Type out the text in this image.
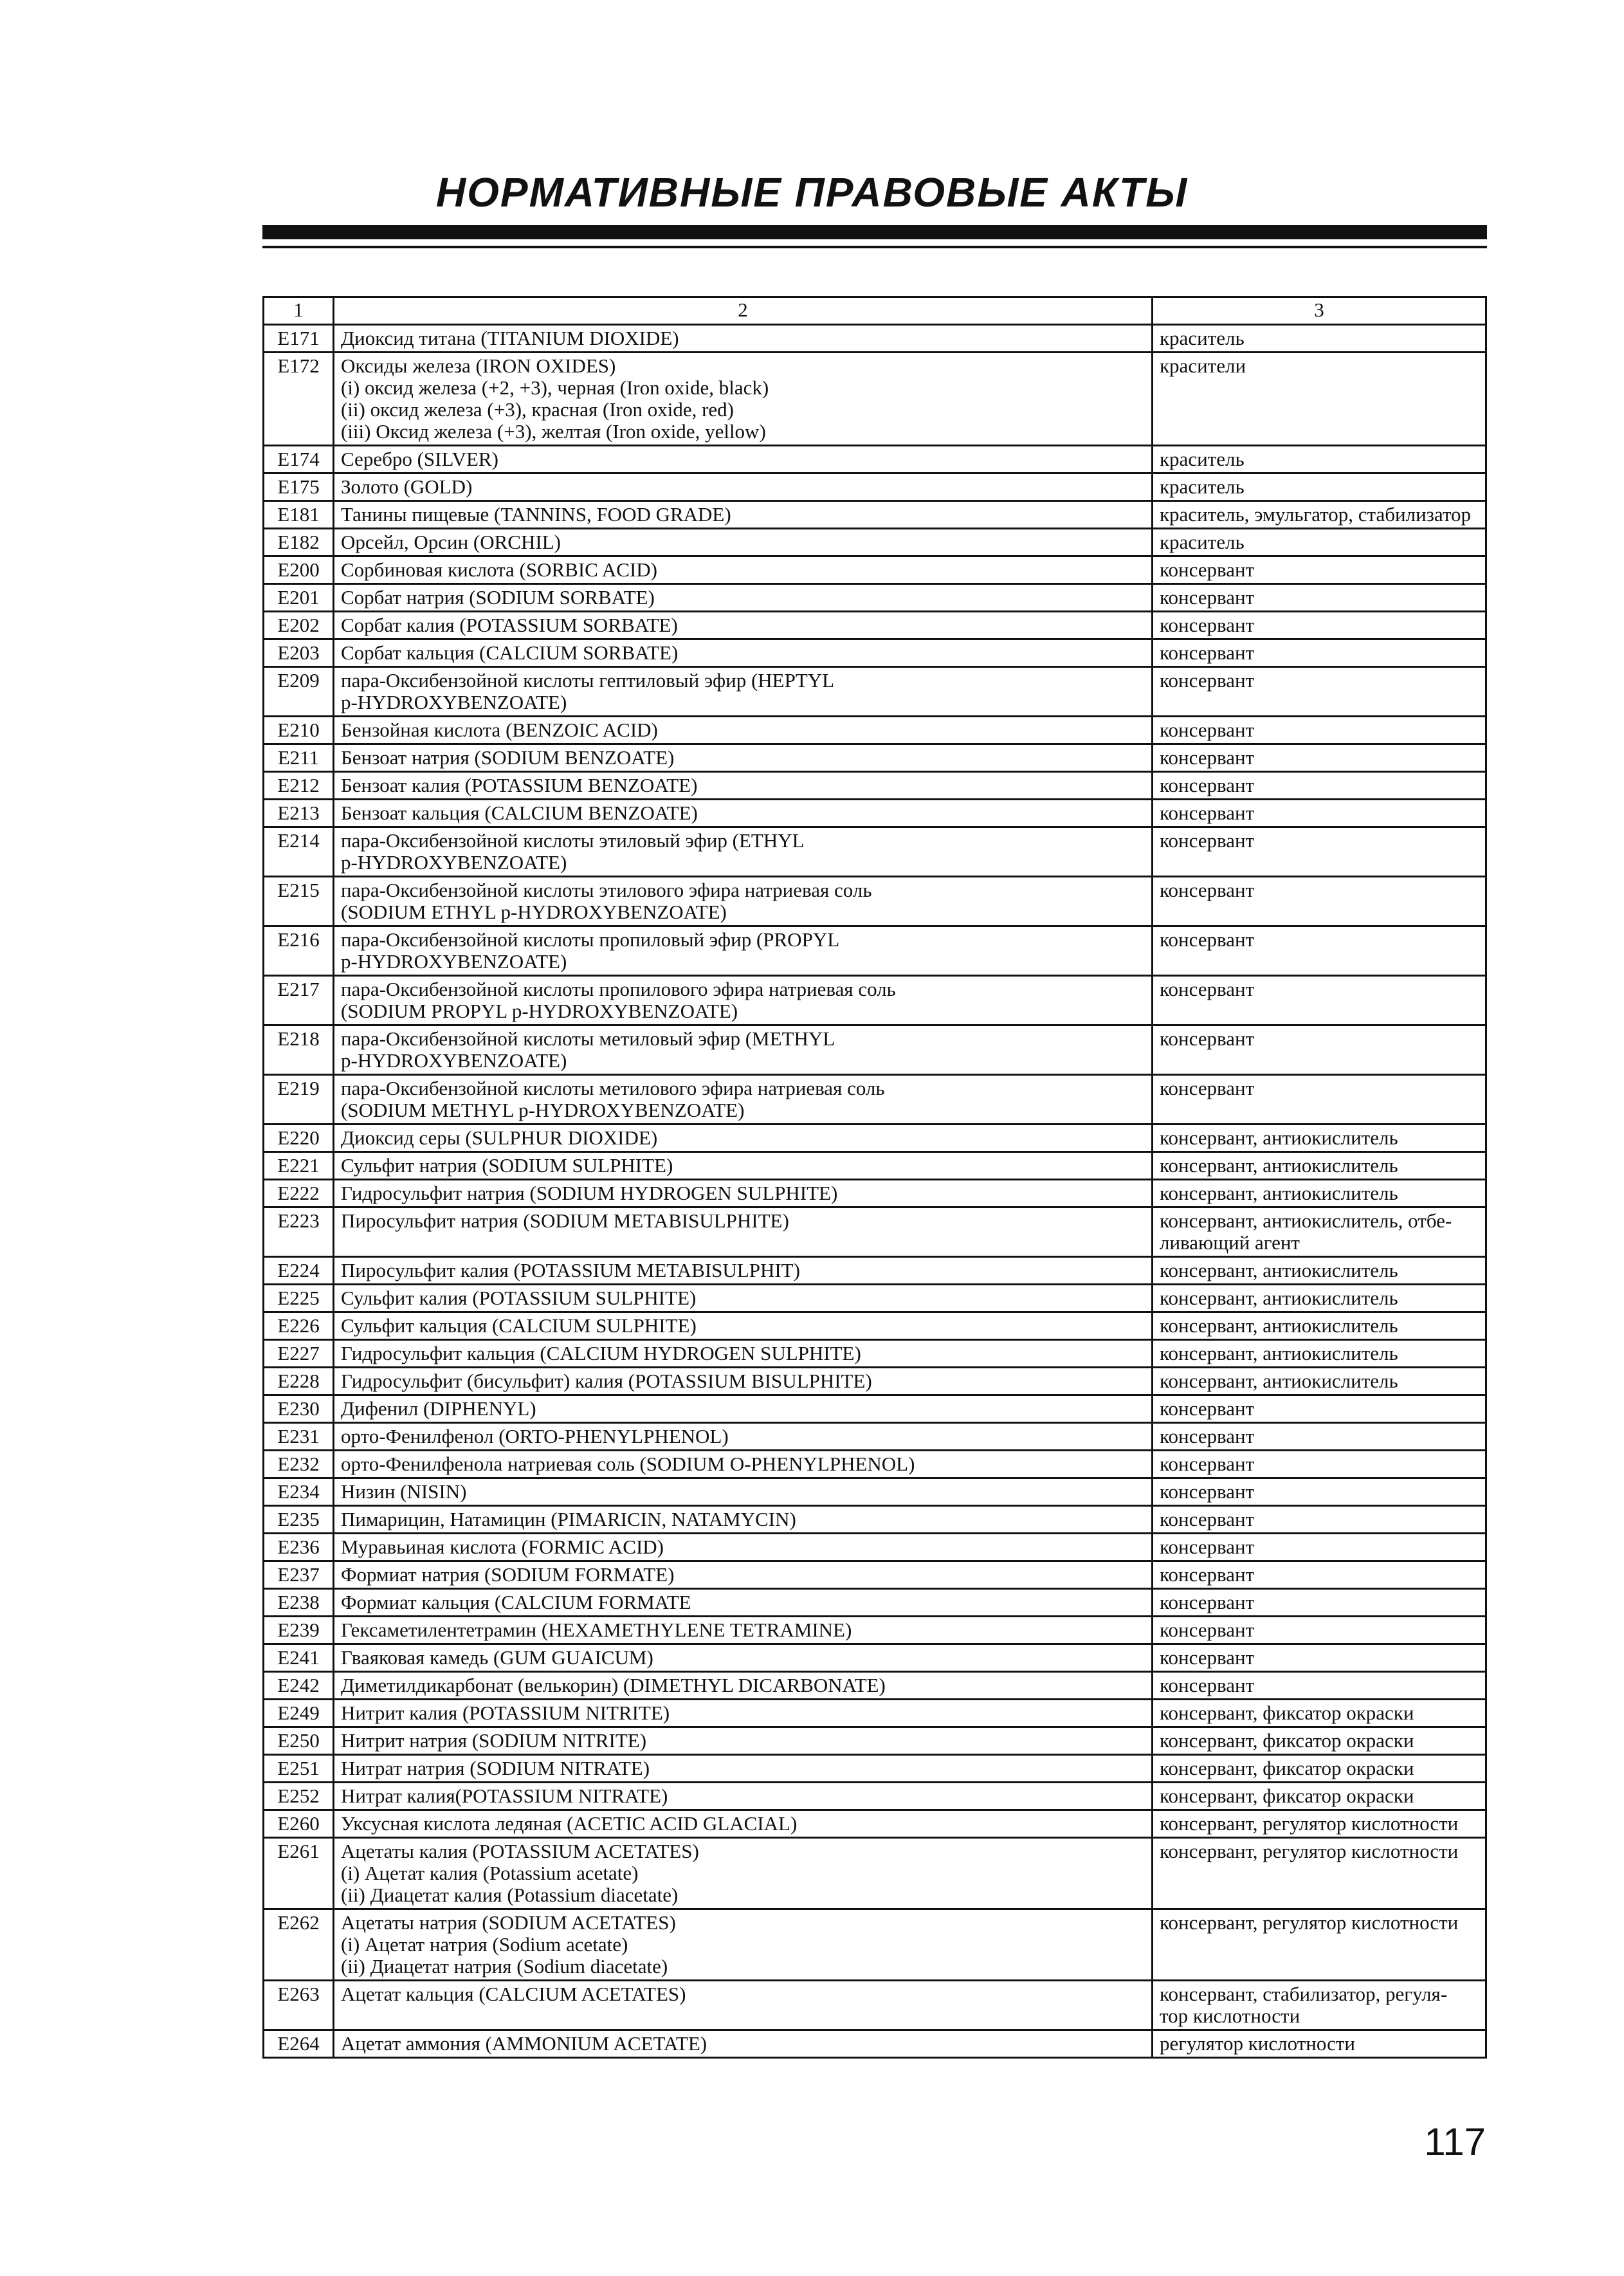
НОРМАТИВНЫЕ ПРАВОВЫЕ АКТЫ
1	2	3
E171	Диоксид титана (TITANIUM DIOXIDE)	краситель

E172	Оксиды железа (IRON OXIDES)
(i) оксид железа (+2, +3), черная (Iron oxide, black)
(ii) оксид железа (+3), красная (Iron oxide, red)
(iii) Оксид железа (+3), желтая (Iron oxide, yellow)	красители

E174	Серебро (SILVER)	краситель

E175	Золото (GOLD)	краситель

E181	Танины пищевые (TANNINS, FOOD GRADE)	краситель, эмульгатор, стабилизатор

E182	Орсейл, Орсин (ORCHIL)	краситель

E200	Сорбиновая кислота (SORBIC ACID)	консервант

E201	Сорбат натрия (SODIUM SORBATE)	консервант

E202	Сорбат калия (POTASSIUM SORBATE)	консервант

E203	Сорбат кальция (CALCIUM SORBATE)	консервант

E209	пара-Оксибензойной кислоты гептиловый эфир (HEPTYL
p-HYDROXYBENZOATE)	консервант

E210	Бензойная кислота (BENZOIC ACID)	консервант

E211	Бензоат натрия (SODIUM BENZOATE)	консервант

E212	Бензоат калия (POTASSIUM BENZOATE)	консервант

E213	Бензоат кальция (CALCIUM BENZOATE)	консервант

E214	пара-Оксибензойной кислоты этиловый эфир (ETHYL
p-HYDROXYBENZOATE)	консервант

E215	пара-Оксибензойной кислоты этилового эфира натриевая соль
(SODIUM ETHYL p-HYDROXYBENZOATE)	консервант

E216	пара-Оксибензойной кислоты пропиловый эфир (PROPYL
p-HYDROXYBENZOATE)	консервант

E217	пара-Оксибензойной кислоты пропилового эфира натриевая соль
(SODIUM PROPYL p-HYDROXYBENZOATE)	консервант

E218	пара-Оксибензойной кислоты метиловый эфир (METHYL
p-HYDROXYBENZOATE)	консервант

E219	пара-Оксибензойной кислоты метилового эфира натриевая соль
(SODIUM METHYL p-HYDROXYBENZOATE)	консервант

E220	Диоксид серы (SULPHUR DIOXIDE)	консервант, антиокислитель

E221	Сульфит натрия (SODIUM SULPHITE)	консервант, антиокислитель

E222	Гидросульфит натрия (SODIUM HYDROGEN SULPHITE)	консервант, антиокислитель

E223	Пиросульфит натрия (SODIUM METABISULPHITE)	консервант, антиокислитель, отбе-
ливающий агент

E224	Пиросульфит калия (POTASSIUM METABISULPHIT)	консервант, антиокислитель

E225	Сульфит калия (POTASSIUM SULPHITE)	консервант, антиокислитель

E226	Сульфит кальция (CALCIUM SULPHITE)	консервант, антиокислитель

E227	Гидросульфит кальция (CALCIUM HYDROGEN SULPHITE)	консервант, антиокислитель

E228	Гидросульфит (бисульфит) калия (POTASSIUM BISULPHITE)	консервант, антиокислитель

E230	Дифенил (DIPHENYL)	консервант

E231	орто-Фенилфенол (ORTO-PHENYLPHENOL)	консервант

E232	орто-Фенилфенола натриевая соль (SODIUM O-PHENYLPHENOL)	консервант

E234	Низин (NISIN)	консервант

E235	Пимарицин, Натамицин (PIMARICIN, NATAMYCIN)	консервант

E236	Муравьиная кислота (FORMIC ACID)	консервант

E237	Формиат натрия (SODIUM FORMATE)	консервант

E238	Формиат кальция (CALCIUM FORMATE	консервант

E239	Гексаметилентетрамин (HEXAMETHYLENE TETRAMINE)	консервант

E241	Гваяковая камедь (GUM GUAICUM)	консервант

E242	Диметилдикарбонат (велькорин) (DIMETHYL DICARBONATE)	консервант

E249	Нитрит калия (POTASSIUM NITRITE)	консервант, фиксатор окраски

E250	Нитрит натрия (SODIUM NITRITE)	консервант, фиксатор окраски

E251	Нитрат натрия (SODIUM NITRATE)	консервант, фиксатор окраски

E252	Нитрат калия(POTASSIUM NITRATE)	консервант, фиксатор окраски

E260	Уксусная кислота ледяная (ACETIC ACID GLACIAL)	консервант, регулятор кислотности

E261	Ацетаты калия (POTASSIUM ACETATES)
(i) Ацетат калия (Potassium acetate)
(ii) Диацетат калия (Potassium diacetate)	консервант, регулятор кислотности

E262	Ацетаты натрия (SODIUM ACETATES)
(i) Ацетат натрия (Sodium acetate)
(ii) Диацетат натрия (Sodium diacetate)	консервант, регулятор кислотности

E263	Ацетат кальция (CALCIUM ACETATES)	консервант, стабилизатор, регуля-
тор кислотности

E264	Ацетат аммония (AMMONIUM ACETATE)	регулятор кислотности
117
